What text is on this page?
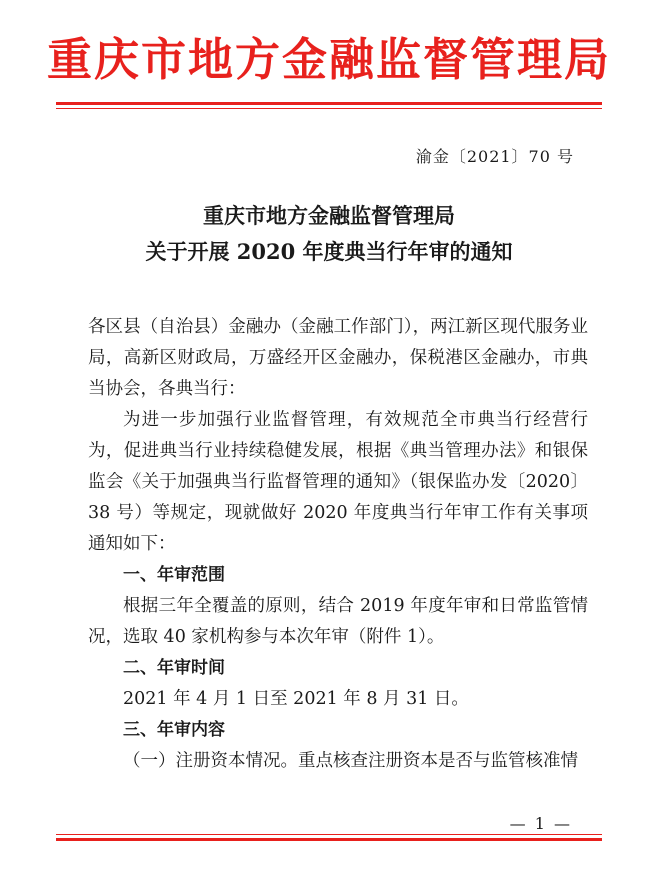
重庆市地方金融监督管理局
渝金〔2021〕70 号
重庆市地方金融监督管理局
关于开展 2020 年度典当行年审的通知

各区县（自治县）金融办（金融工作部门），两江新区现代服务业局，高新区财政局，万盛经开区金融办，保税港区金融办，市典当协会，各典当行：

为进一步加强行业监督管理，有效规范全市典当行经营行为，促进典当行业持续稳健发展，根据《典当管理办法》和银保监会《关于加强典当行监督管理的通知》（银保监办发〔2020〕38 号）等规定，现就做好 2020 年度典当行年审工作有关事项通知如下：

一、年审范围

根据三年全覆盖的原则，结合 2019 年度年审和日常监管情况，选取 40 家机构参与本次年审（附件 1）。

二、年审时间

2021 年 4 月 1 日至 2021 年 8 月 31 日。

三、年审内容

（一）注册资本情况。重点核查注册资本是否与监管核准情

— 1 —
